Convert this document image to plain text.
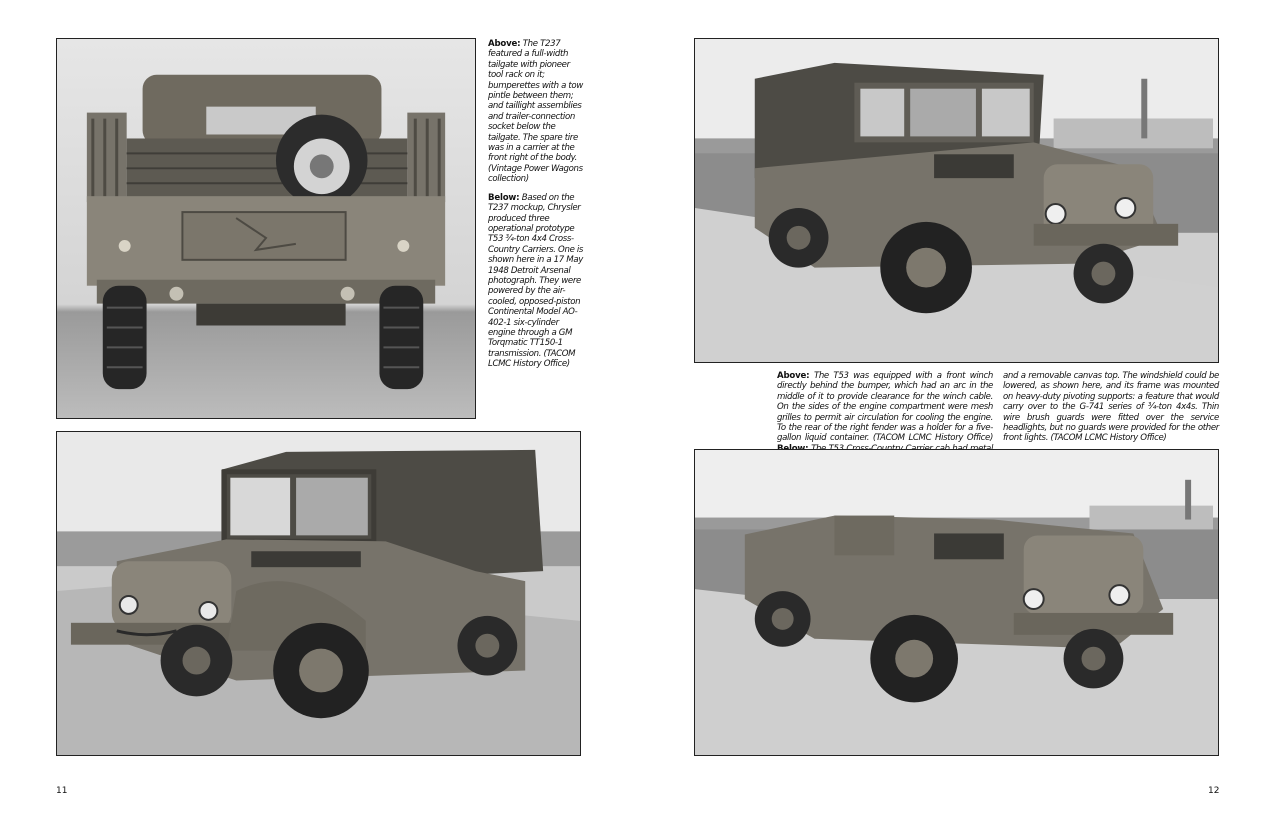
Above: The T237 featured a full-width tailgate with pioneer tool rack on it; bumperettes with a tow pintle between them; and taillight assemblies and trailer-connection socket below the tailgate. The spare tire was in a carrier at the front right of the body. (Vintage Power Wagons collection)

Below: Based on the T237 mockup, Chrysler produced three operational prototype T53 ¾-ton 4x4 Cross-Country Carriers. One is shown here in a 17 May 1948 Detroit Arsenal photograph. They were powered by the air-cooled, opposed-piston Continental Model AO-402-1 six-cylinder engine through a GM Torqmatic TT150-1 transmission. (TACOM LCMC History Office)

11
Above: The T53 was equipped with a front winch directly behind the bumper, which had an arc in the middle of it to provide clearance for the winch cable. On the sides of the engine compartment were mesh grilles to permit air circulation for cooling the engine. To the rear of the right fender was a holder for a five-gallon liquid container. (TACOM LCMC History Office)
and a removable canvas top. The windshield could be lowered, as shown here, and its frame was mounted on heavy-duty pivoting supports: a feature that would carry over to the G-741 series of ¾-ton 4x4s. Thin wire brush guards were fitted over the service headlights, but no guards were provided for the other front lights. (TACOM LCMC History Office)
12
